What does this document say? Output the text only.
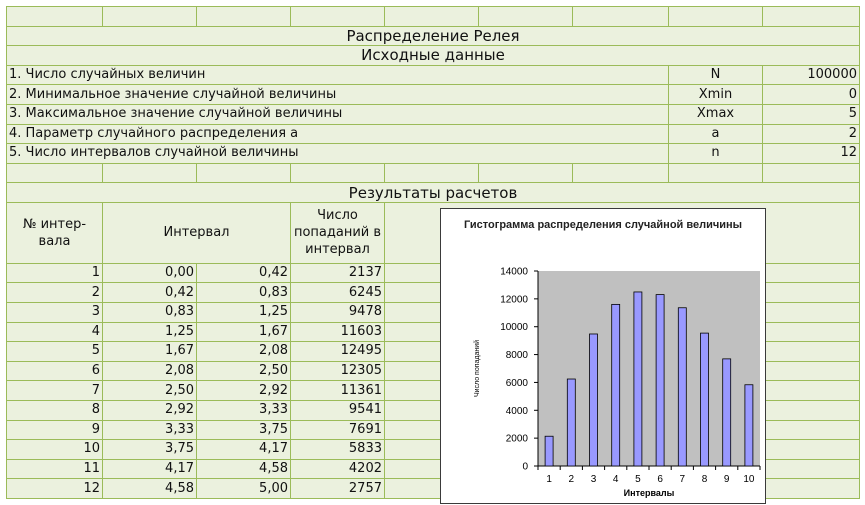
Распределение Релея								
Исходные данные								
1. Число случайных величин							N	100000
2. Минимальное значение случайной величины							Xmin	0
3. Максимальное значение случайной величины							Xmax	5
4. Параметр случайного распределения a							a	2
5. Число интервалов случайной величины							n	12

Результаты расчетов								
№ интер-вала	Интервал		Число попаданий в интервал					
1	0,00	0,42	2137					
2	0,42	0,83	6245					
3	0,83	1,25	9478					
4	1,25	1,67	11603					
5	1,67	2,08	12495					
6	2,08	2,50	12305					
7	2,50	2,92	11361					
8	2,92	3,33	9541					
9	3,33	3,75	7691					
10	3,75	4,17	5833					
11	4,17	4,58	4202					
12	4,58	5,00	2757					
Гистограмма распределения случайной величины
0
2000
4000
6000
8000
10000
12000
14000
1 2 3 4 5 6 7 8 9 10
Интервалы
Число попаданий
